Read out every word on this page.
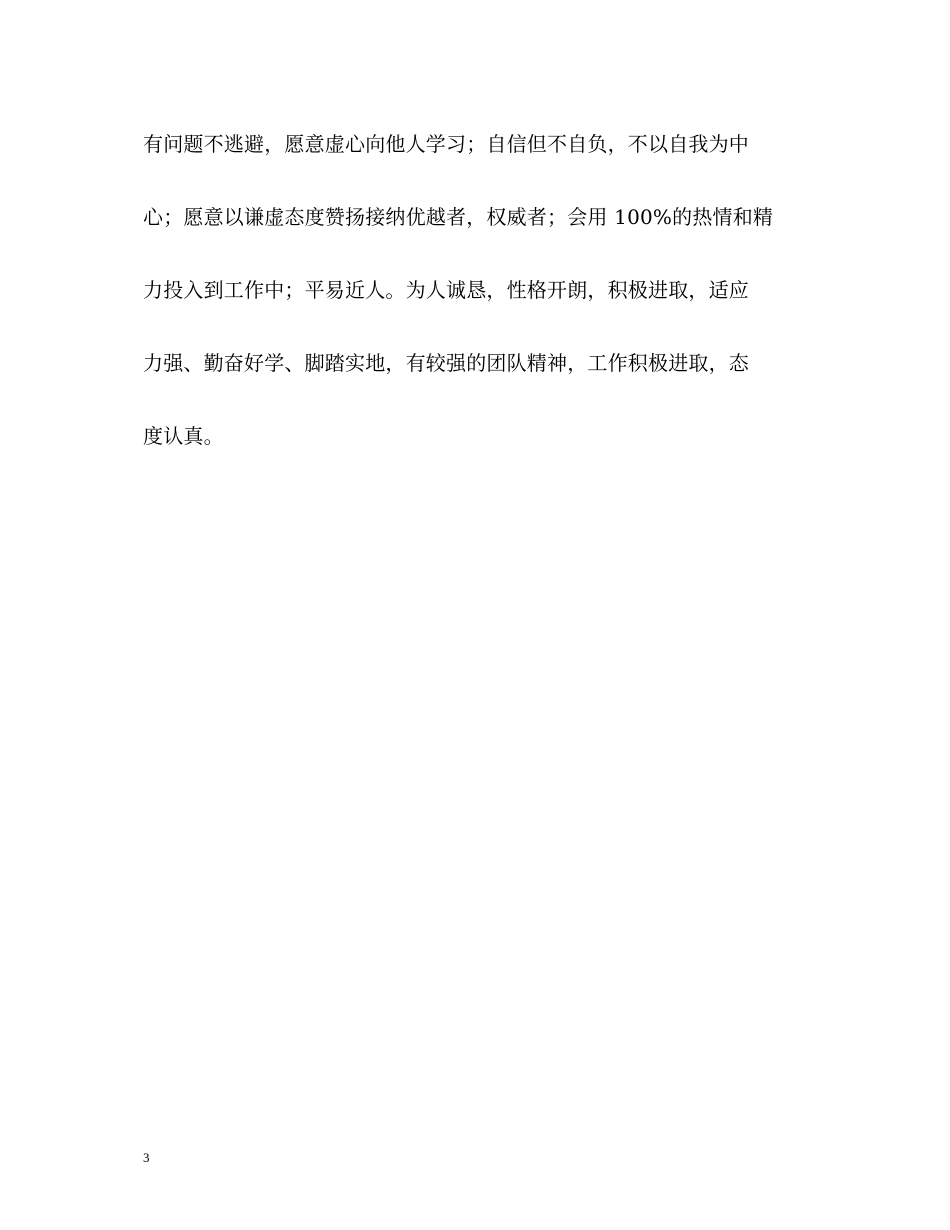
有问题不逃避，愿意虚心向他人学习；自信但不自负，不以自我为中
心；愿意以谦虚态度赞扬接纳优越者，权威者；会用 100%的热情和精
力投入到工作中；平易近人。为人诚恳，性格开朗，积极进取，适应
力强、勤奋好学、脚踏实地，有较强的团队精神，工作积极进取，态
度认真。
3
